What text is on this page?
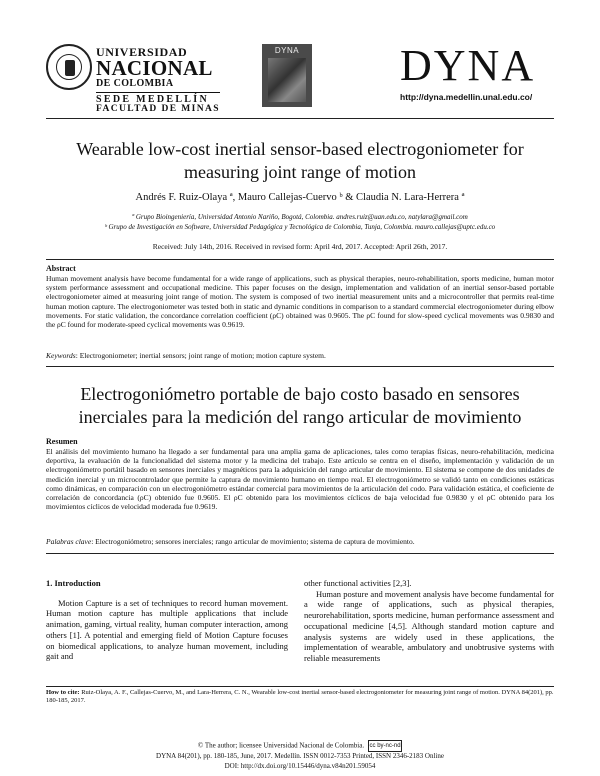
UNIVERSIDAD
NACIONAL
DE COLOMBIA
SEDE MEDELLÍN
FACULTAD DE MINAS
DYNA DYNA
http://dyna.medellin.unal.edu.co/
Wearable low-cost inertial sensor-based electrogoniometer for measuring joint range of motion
Andrés F. Ruiz-Olaya ª, Mauro Callejas-Cuervo ᵇ & Claudia N. Lara-Herrera ª
ª Grupo Bioingeniería, Universidad Antonio Nariño, Bogotá, Colombia. andres.ruiz@uan.edu.co, natylara@gmail.com
ᵇ Grupo de Investigación en Software, Universidad Pedagógica y Tecnológica de Colombia, Tunja, Colombia. mauro.callejas@uptc.edu.co
Received: July 14th, 2016. Received in revised form: April 4rd, 2017. Accepted: April 26th, 2017.
Abstract
Human movement analysis have become fundamental for a wide range of applications, such as physical therapies, neuro-rehabilitation, sports medicine, human motor system performance assessment and occupational medicine. This paper focuses on the design, implementation and validation of an inertial sensor-based portable electrogoniometer aimed at measuring joint range of motion. The system is composed of two inertial measurement units and a microcontroller that permits real-time human motion capture. The electrogoniometer was tested both in static and dynamic conditions in comparison to a standard commercial electrogoniometer during elbow movements. For static validation, the concordance correlation coefficient (ρC) obtained was 0.9605. The ρC found for slow-speed cyclical movements was 0.9830 and the ρC found for moderate-speed cyclical movements was 0.9619.
Keywords: Electrogoniometer; inertial sensors; joint range of motion; motion capture system.
Electrogoniómetro portable de bajo costo basado en sensores inerciales para la medición del rango articular de movimiento
Resumen
El análisis del movimiento humano ha llegado a ser fundamental para una amplia gama de aplicaciones, tales como terapias físicas, neuro-rehabilitación, medicina deportiva, la evaluación de la funcionalidad del sistema motor y la medicina del trabajo. Este artículo se centra en el diseño, implementación y validación de un electrogoniómetro portátil basado en sensores inerciales y magnéticos para la adquisición del rango articular de movimiento. El sistema se compone de dos unidades de medición inercial y un microcontrolador que permite la captura de movimiento humano en tiempo real. El electrogoniómetro se validó tanto en condiciones estáticas como dinámicas, en comparación con un electrogoniómetro estándar comercial para movimientos de la articulación del codo. Para validación estática, el coeficiente de correlación de concordancia (ρC) obtenido fue 0.9605. El ρC obtenido para los movimientos cíclicos de baja velocidad fue 0.9830 y el ρC obtenido para los movimientos cíclicos de velocidad moderada fue 0.9619.
Palabras clave: Electrogoniómetro; sensores inerciales; rango articular de movimiento; sistema de captura de movimiento.
1. Introduction

Motion Capture is a set of techniques to record human movement. Human motion capture has multiple applications that include animation, gaming, virtual reality, human computer interaction, among others [1]. A potential and emerging field of Motion Capture focuses on biomedical applications, to analyze human movement, including gait and

other functional activities [2,3].

Human posture and movement analysis have become fundamental for a wide range of applications, such as physical therapies, neurorehabilitation, sports medicine, human performance assessment and occupational medicine [4,5]. Although standard motion capture and analysis systems are widely used in these applications, the implementation of wearable, ambulatory and unobtrusive systems with reliable measurements

How to cite: Ruiz-Olaya, A. F., Callejas-Cuervo, M., and Lara-Herrera, C. N., Wearable low-cost inertial sensor-based electrogoniometer for measuring joint range of motion. DYNA 84(201), pp. 180-185, 2017.
© The author; licensee Universidad Nacional de Colombia. cc by-nc-nd
DYNA 84(201), pp. 180-185, June, 2017. Medellín. ISSN 0012-7353 Printed, ISSN 2346-2183 Online
DOI: http://dx.doi.org/10.15446/dyna.v84n201.59054
